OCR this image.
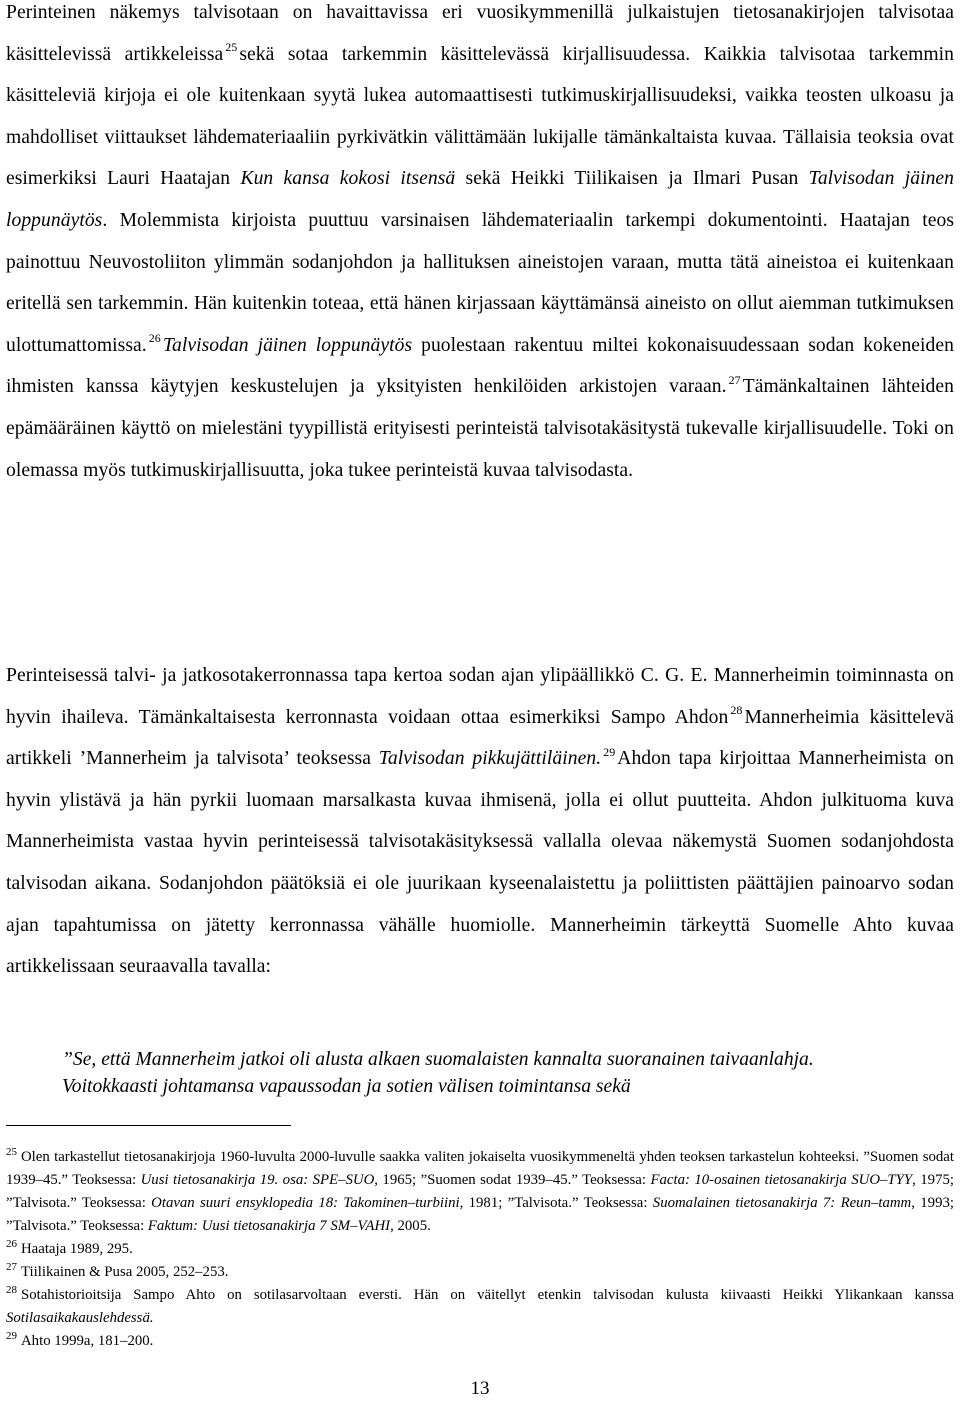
Perinteinen näkemys talvisotaan on havaittavissa eri vuosikymmenillä julkaistujen tietosanakirjojen talvisotaa käsittelevissä artikkeleissa $^{25}$ sekä sotaa tarkemmin käsittelevässä kirjallisuudessa. Kaikkia talvisotaa tarkemmin käsitteleviä kirjoja ei ole kuitenkaan syytä lukea automaattisesti tutkimuskirjallisuudeksi, vaikka teosten ulkoasu ja mahdolliset viittaukset lähdemateriaaliin pyrkivätkin välittämään lukijalle tämänkaltaista kuvaa. Tällaisia teoksia ovat esimerkiksi Lauri Haatajan Kun kansa kokosi itsensä sekä Heikki Tiilikaisen ja Ilmari Pusan Talvisodan jäinen loppunäytös. Molemmista kirjoista puuttuu varsinaisen lähdemateriaalin tarkempi dokumentointi. Haatajan teos painottuu Neuvostoliiton ylimmän sodanjohdon ja hallituksen aineistojen varaan, mutta tätä aineistoa ei kuitenkaan eritellä sen tarkemmin. Hän kuitenkin toteaa, että hänen kirjassaan käyttämänsä aineisto on ollut aiemman tutkimuksen ulottumattomissa. $^{26}$ Talvisodan jäinen loppunäytös puolestaan rakentuu miltei kokonaisuudessaan sodan kokeneiden ihmisten kanssa käytyjen keskustelujen ja yksityisten henkilöiden arkistojen varaan. $^{27}$ Tämänkaltainen lähteiden epämääräinen käyttö on mielestäni tyypillistä erityisesti perinteistä talvisotakäsitystä tukevalle kirjallisuudelle. Toki on olemassa myös tutkimuskirjallisuutta, joka tukee perinteistä kuvaa talvisodasta.

Perinteisessä talvi- ja jatkosotakerronnassa tapa kertoa sodan ajan ylipäällikkö C. G. E. Mannerheimin toiminnasta on hyvin ihaileva. Tämänkaltaisesta kerronnasta voidaan ottaa esimerkiksi Sampo Ahdon $^{28}$ Mannerheimia käsittelevä artikkeli ’Mannerheim ja talvisota’ teoksessa Talvisodan pikkujättiläinen. $^{29}$ Ahdon tapa kirjoittaa Mannerheimista on hyvin ylistävä ja hän pyrkii luomaan marsalkasta kuvaa ihmisenä, jolla ei ollut puutteita. Ahdon julkituoma kuva Mannerheimista vastaa hyvin perinteisessä talvisotakäsityksessä vallalla olevaa näkemystä Suomen sodanjohdosta talvisodan aikana. Sodanjohdon päätöksiä ei ole juurikaan kyseenalaistettu ja poliittisten päättäjien painoarvo sodan ajan tapahtumissa on jätetty kerronnassa vähälle huomiolle. Mannerheimin tärkeyttä Suomelle Ahto kuvaa artikkelissaan seuraavalla tavalla:

”Se, että Mannerheim jatkoi oli alusta alkaen suomalaisten kannalta suoranainen taivaanlahja. Voitokkaasti johtamansa vapaussodan ja sotien välisen toimintansa sekä

$^{25}$ Olen tarkastellut tietosanakirjoja 1960-luvulta 2000-luvulle saakka valiten jokaiselta vuosikymmeneltä yhden teoksen tarkastelun kohteeksi. ”Suomen sodat 1939–45.” Teoksessa: Uusi tietosanakirja 19. osa: SPE–SUO, 1965; ”Suomen sodat 1939–45.” Teoksessa: Facta: 10-osainen tietosanakirja SUO–TYY, 1975; ”Talvisota.” Teoksessa: Otavan suuri ensyklopedia 18: Takominen–turbiini, 1981; ”Talvisota.” Teoksessa: Suomalainen tietosanakirja 7: Reun–tamm, 1993; ”Talvisota.” Teoksessa: Faktum: Uusi tietosanakirja 7 SM–VAHI, 2005.

$^{26}$ Haataja 1989, 295.

$^{27}$ Tiilikainen & Pusa 2005, 252–253.

$^{28}$ Sotahistorioitsija Sampo Ahto on sotilasarvoltaan eversti. Hän on väitellyt etenkin talvisodan kulusta kiivaasti Heikki Ylikankaan kanssa Sotilasaikakauslehdessä.

$^{29}$ Ahto 1999a, 181–200.

13
